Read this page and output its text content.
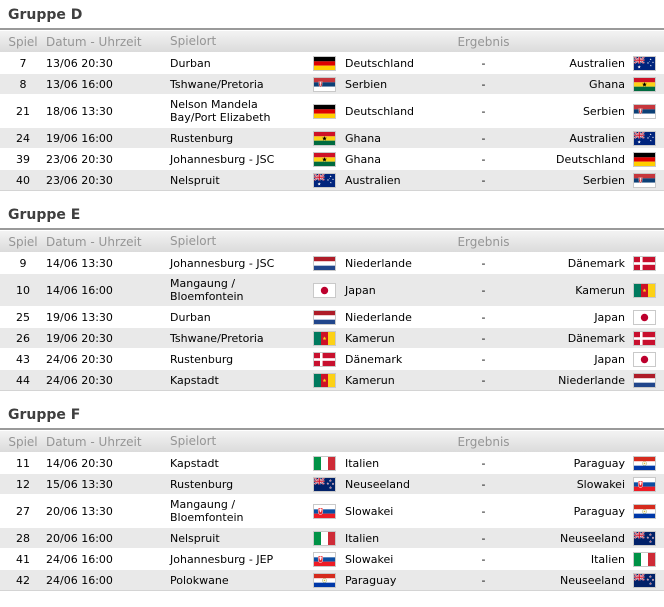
Gruppe D
Spiel Datum - Uhrzeit	Spielort	Ergebnis
7	13/06 20:30	Durban	Deutschland	-	Australien
8	13/06 16:00	Tshwane/Pretoria	Serbien	-	Ghana
21	18/06 13:30	Nelson Mandela Bay/Port Elizabeth	Deutschland	-	Serbien
24	19/06 16:00	Rustenburg	Ghana	-	Australien
39	23/06 20:30	Johannesburg - JSC	Ghana	-	Deutschland
40	23/06 20:30	Nelspruit	Australien	-	Serbien
Gruppe E
Spiel Datum - Uhrzeit	Spielort	Ergebnis
9	14/06 13:30	Johannesburg - JSC	Niederlande	-	Dänemark
10	14/06 16:00	Mangaung / Bloemfontein	Japan	-	Kamerun
25	19/06 13:30	Durban	Niederlande	-	Japan
26	19/06 20:30	Tshwane/Pretoria	Kamerun	-	Dänemark
43	24/06 20:30	Rustenburg	Dänemark	-	Japan
44	24/06 20:30	Kapstadt	Kamerun	-	Niederlande
Gruppe F
Spiel Datum - Uhrzeit	Spielort	Ergebnis
11	14/06 20:30	Kapstadt	Italien	-	Paraguay
12	15/06 13:30	Rustenburg	Neuseeland	-	Slowakei
27	20/06 13:30	Mangaung / Bloemfontein	Slowakei	-	Paraguay
28	20/06 16:00	Nelspruit	Italien	-	Neuseeland
41	24/06 16:00	Johannesburg - JEP	Slowakei	-	Italien
42	24/06 16:00	Polokwane	Paraguay	-	Neuseeland
